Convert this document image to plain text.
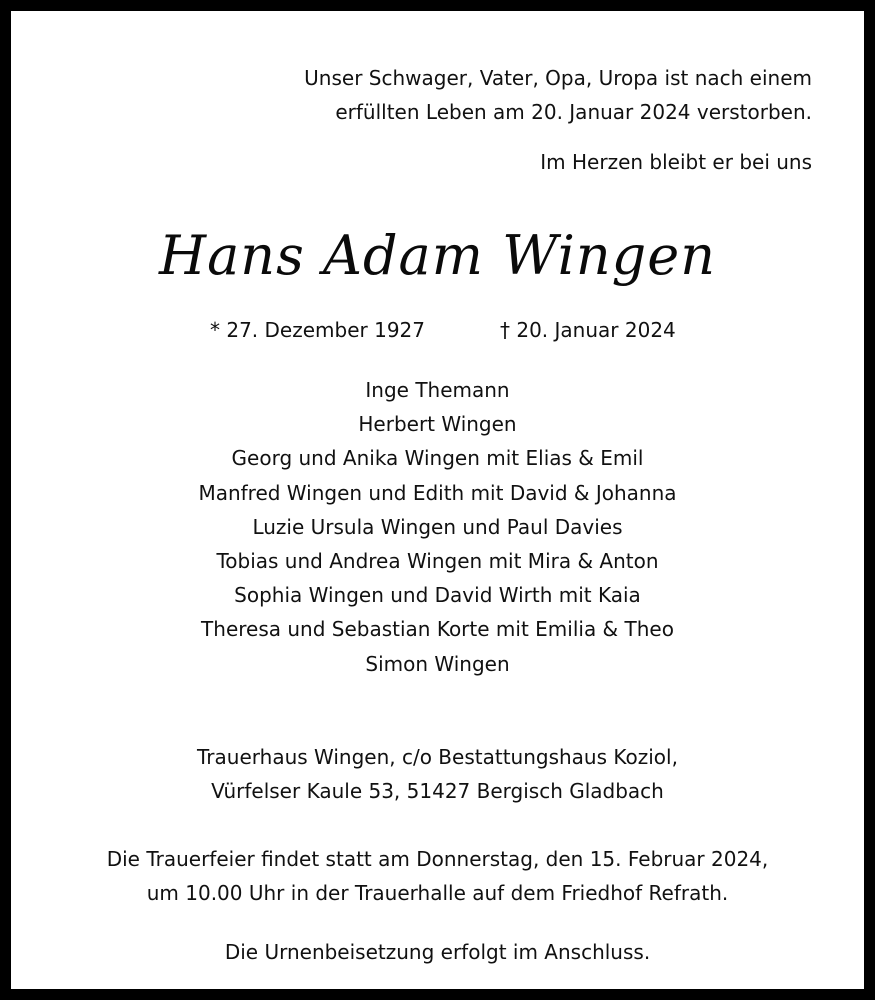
Unser Schwager, Vater, Opa, Uropa ist nach einem
erfüllten Leben am 20. Januar 2024 verstorben.
Im Herzen bleibt er bei uns
Hans Adam Wingen
* 27. Dezember 1927	† 20. Januar 2024
Inge Themann
Herbert Wingen
Georg und Anika Wingen mit Elias & Emil
Manfred Wingen und Edith mit David & Johanna
Luzie Ursula Wingen und Paul Davies
Tobias und Andrea Wingen mit Mira & Anton
Sophia Wingen und David Wirth mit Kaia
Theresa und Sebastian Korte mit Emilia & Theo
Simon Wingen
Trauerhaus Wingen, c/o Bestattungshaus Koziol,
Vürfelser Kaule 53, 51427 Bergisch Gladbach
Die Trauerfeier findet statt am Donnerstag, den 15. Februar 2024,
um 10.00 Uhr in der Trauerhalle auf dem Friedhof Refrath.
Die Urnenbeisetzung erfolgt im Anschluss.
